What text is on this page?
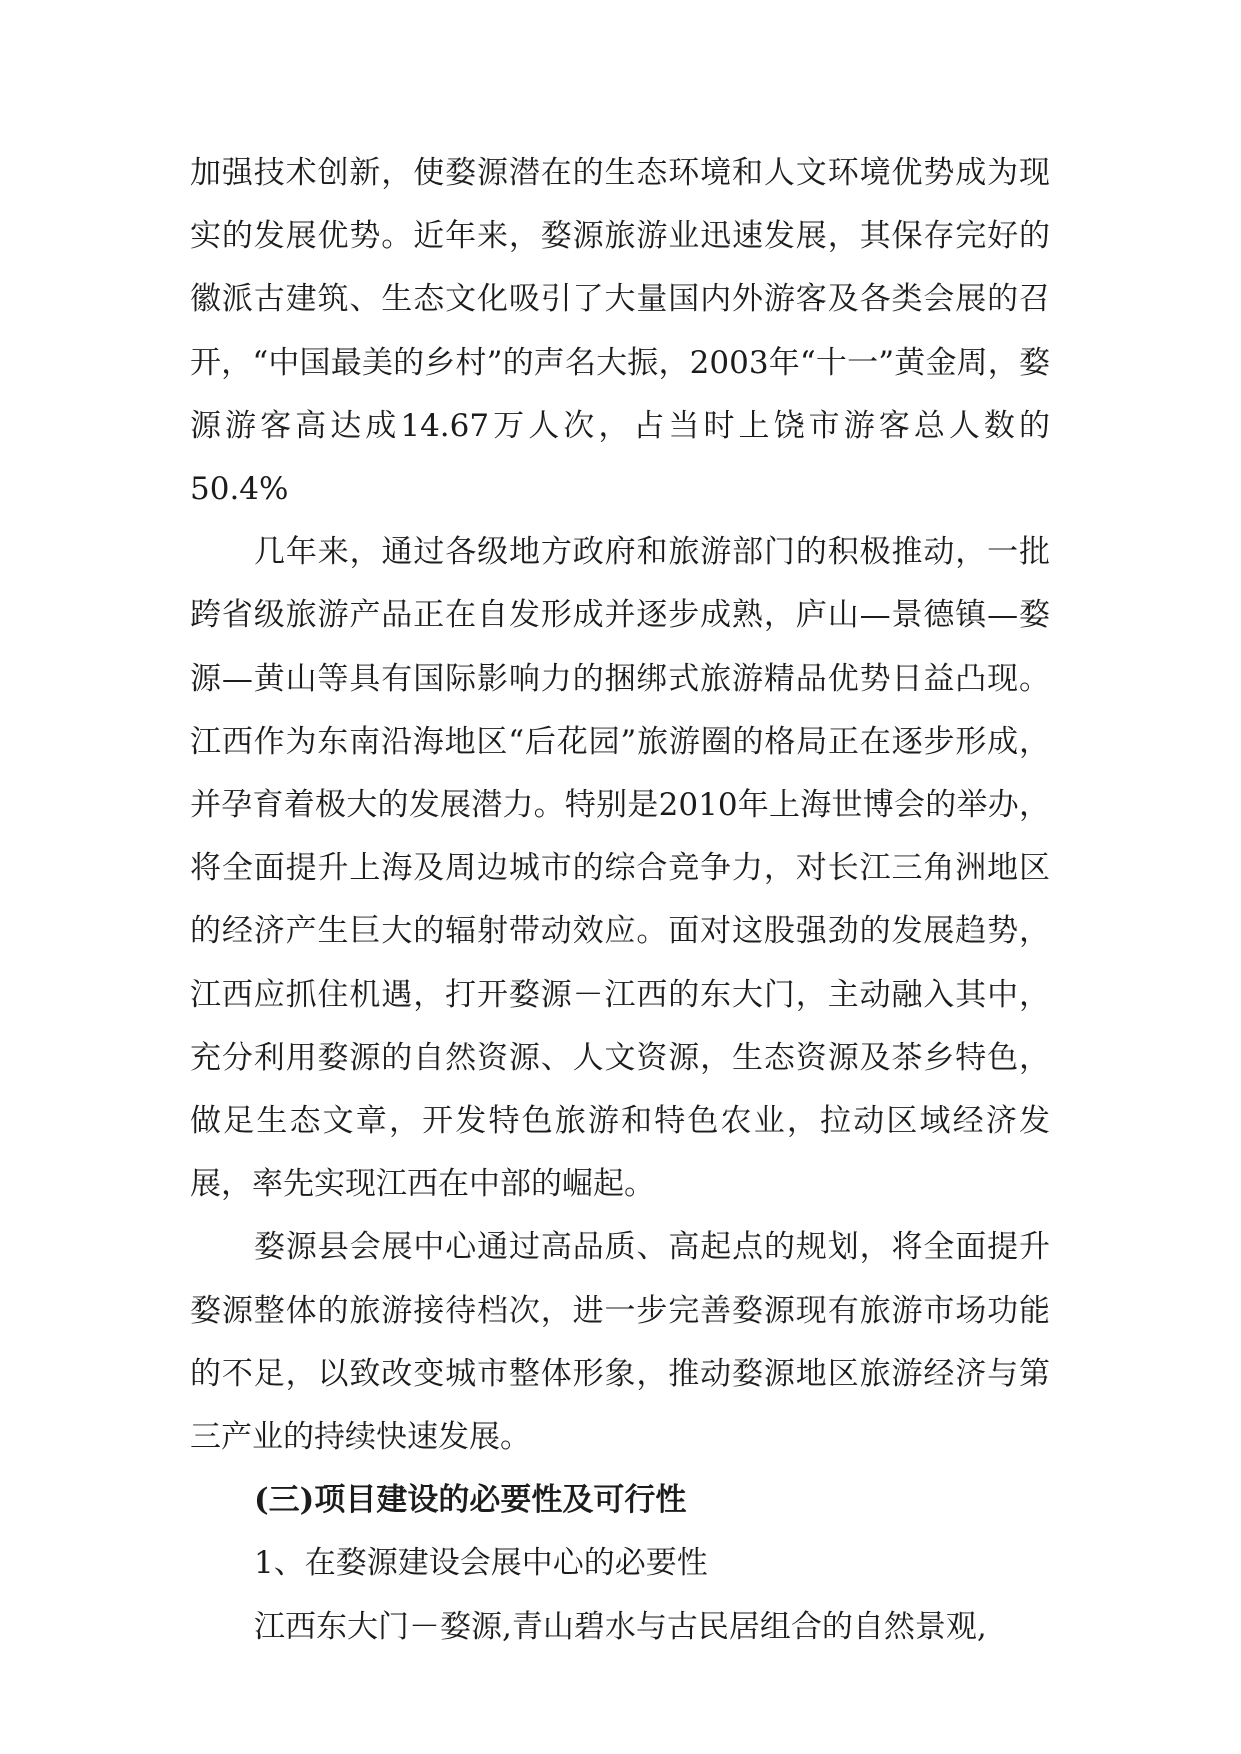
加强技术创新，使婺源潜在的生态环境和人文环境优势成为现实的发展优势。近年来，婺源旅游业迅速发展，其保存完好的徽派古建筑、生态文化吸引了大量国内外游客及各类会展的召开，“中国最美的乡村”的声名大振，2003年“十一”黄金周，婺源游客高达成14.67万人次，占当时上饶市游客总人数的50.4%

几年来，通过各级地方政府和旅游部门的积极推动，一批跨省级旅游产品正在自发形成并逐步成熟，庐山—景德镇—婺源—黄山等具有国际影响力的捆绑式旅游精品优势日益凸现。江西作为东南沿海地区“后花园”旅游圈的格局正在逐步形成，并孕育着极大的发展潜力。特别是2010年上海世博会的举办，将全面提升上海及周边城市的综合竞争力，对长江三角洲地区的经济产生巨大的辐射带动效应。面对这股强劲的发展趋势，江西应抓住机遇，打开婺源－江西的东大门，主动融入其中，充分利用婺源的自然资源、人文资源，生态资源及茶乡特色，做足生态文章，开发特色旅游和特色农业，拉动区域经济发展，率先实现江西在中部的崛起。

婺源县会展中心通过高品质、高起点的规划，将全面提升婺源整体的旅游接待档次，进一步完善婺源现有旅游市场功能的不足，以致改变城市整体形象，推动婺源地区旅游经济与第三产业的持续快速发展。

(三)项目建设的必要性及可行性

1、在婺源建设会展中心的必要性

江西东大门－婺源,青山碧水与古民居组合的自然景观,
